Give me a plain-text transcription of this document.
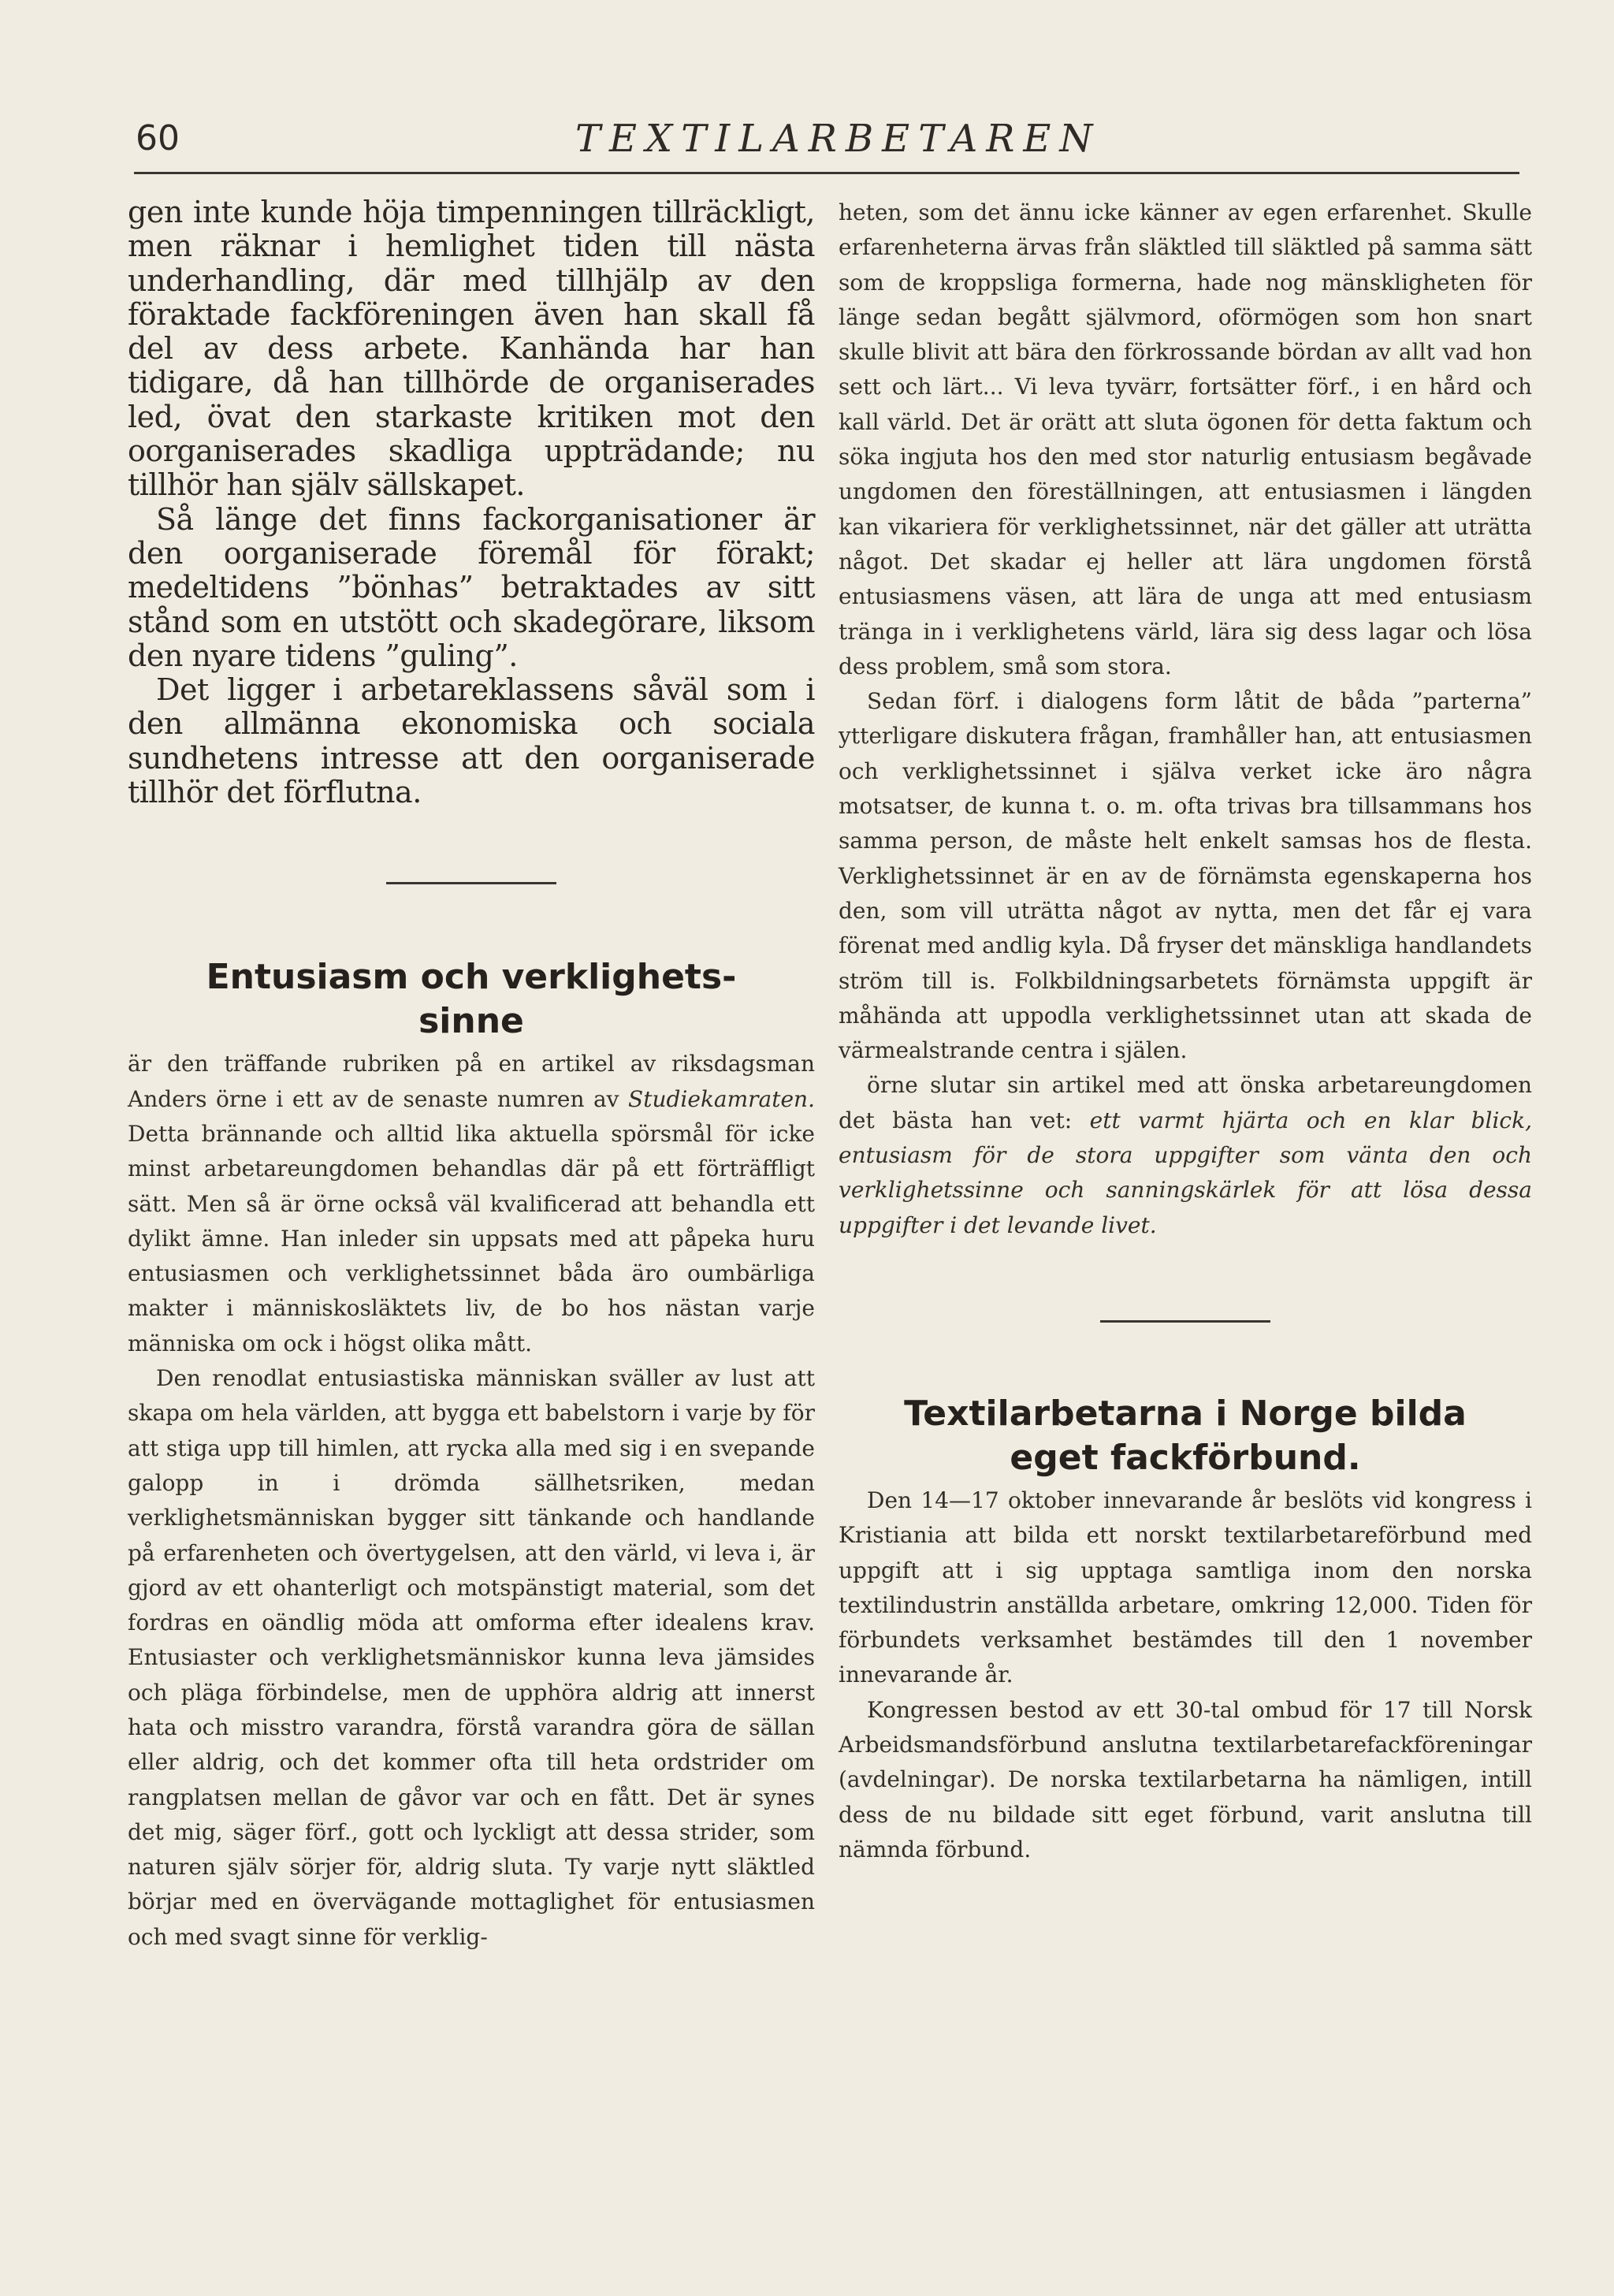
60	TEXTILARBETAREN

gen inte kunde höja timpenningen tillräckligt, men räknar i hemlighet tiden till nästa underhandling, där med tillhjälp av den föraktade fackföreningen även han skall få del av dess arbete. Kanhända har han tidigare, då han tillhörde de organiserades led, övat den starkaste kritiken mot den oorganiserades skadliga uppträdande; nu tillhör han själv sällskapet.

Så länge det finns fackorganisationer är den oorganiserade föremål för förakt; medeltidens ”bönhas” betraktades av sitt stånd som en utstött och skadegörare, liksom den nyare tidens ”guling”.

Det ligger i arbetareklassens såväl som i den allmänna ekonomiska och sociala sundhetens intresse att den oorganiserade tillhör det förflutna.

Entusiasm och verklighets-
sinne

är den träffande rubriken på en artikel av riksdagsman Anders örne i ett av de senaste numren av Studiekamraten. Detta brännande och alltid lika aktuella spörsmål för icke minst arbetareungdomen behandlas där på ett förträffligt sätt. Men så är örne också väl kvalificerad att behandla ett dylikt ämne. Han inleder sin uppsats med att påpeka huru entusiasmen och verklighetssinnet båda äro oumbärliga makter i människosläktets liv, de bo hos nästan varje människa om ock i högst olika mått.

Den renodlat entusiastiska människan sväller av lust att skapa om hela världen, att bygga ett babelstorn i varje by för att stiga upp till himlen, att rycka alla med sig i en svepande galopp in i drömda sällhetsriken, medan verklighetsmänniskan bygger sitt tänkande och handlande på erfarenheten och övertygelsen, att den värld, vi leva i, är gjord av ett ohanterligt och motspänstigt material, som det fordras en oändlig möda att omforma efter idealens krav. Entusiaster och verklighetsmänniskor kunna leva jämsides och pläga förbindelse, men de upphöra aldrig att innerst hata och misstro varandra, förstå varandra göra de sällan eller aldrig, och det kommer ofta till heta ordstrider om rangplatsen mellan de gåvor var och en fått. Det är synes det mig, säger förf., gott och lyckligt att dessa strider, som naturen själv sörjer för, aldrig sluta. Ty varje nytt släktled börjar med en övervägande mottaglighet för entusiasmen och med svagt sinne för verklig-

heten, som det ännu icke känner av egen erfarenhet. Skulle erfarenheterna ärvas från släktled till släktled på samma sätt som de kroppsliga formerna, hade nog mänskligheten för länge sedan begått självmord, oförmögen som hon snart skulle blivit att bära den förkrossande bördan av allt vad hon sett och lärt... Vi leva tyvärr, fortsätter förf., i en hård och kall värld. Det är orätt att sluta ögonen för detta faktum och söka ingjuta hos den med stor naturlig entusiasm begåvade ungdomen den föreställningen, att entusiasmen i längden kan vikariera för verklighetssinnet, när det gäller att uträtta något. Det skadar ej heller att lära ungdomen förstå entusiasmens väsen, att lära de unga att med entusiasm tränga in i verklighetens värld, lära sig dess lagar och lösa dess problem, små som stora.

Sedan förf. i dialogens form låtit de båda ”parterna” ytterligare diskutera frågan, framhåller han, att entusiasmen och verklighetssinnet i själva verket icke äro några motsatser, de kunna t. o. m. ofta trivas bra tillsammans hos samma person, de måste helt enkelt samsas hos de flesta. Verklighetssinnet är en av de förnämsta egenskaperna hos den, som vill uträtta något av nytta, men det får ej vara förenat med andlig kyla. Då fryser det mänskliga handlandets ström till is. Folkbildningsarbetets förnämsta uppgift är måhända att uppodla verklighetssinnet utan att skada de värmealstrande centra i själen.

örne slutar sin artikel med att önska arbetareungdomen det bästa han vet: ett varmt hjärta och en klar blick, entusiasm för de stora uppgifter som vänta den och verklighetssinne och sanningskärlek för att lösa dessa uppgifter i det levande livet.

Textilarbetarna i Norge bilda
eget fackförbund.

Den 14—17 oktober innevarande år beslöts vid kongress i Kristiania att bilda ett norskt textilarbetareförbund med uppgift att i sig upptaga samtliga inom den norska textilindustrin anställda arbetare, omkring 12,000. Tiden för förbundets verksamhet bestämdes till den 1 november innevarande år.

Kongressen bestod av ett 30-tal ombud för 17 till Norsk Arbeidsmandsförbund anslutna textilarbetarefackföreningar (avdelningar). De norska textilarbetarna ha nämligen, intill dess de nu bildade sitt eget förbund, varit anslutna till nämnda förbund.
